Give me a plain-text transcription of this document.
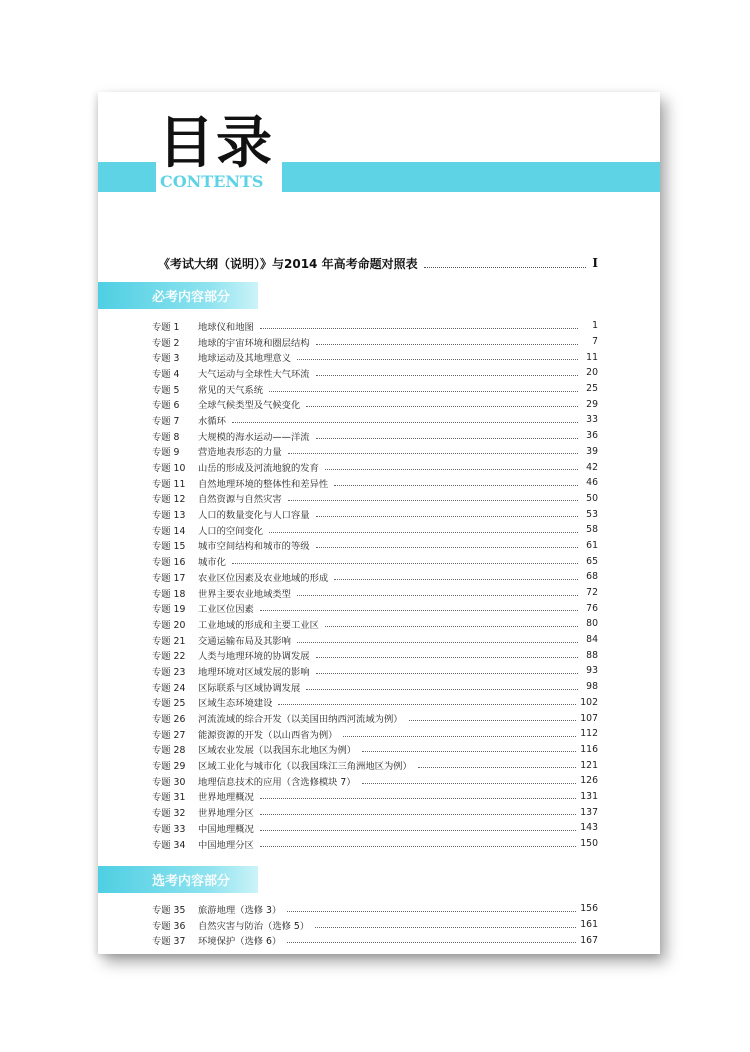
目录
CONTENTS
《考试大纲（说明）》与2014 年高考命题对照表	Ⅰ
必考内容部分
专题 1	地球仪和地图	1
专题 2	地球的宇宙环境和圈层结构	7
专题 3	地球运动及其地理意义	11
专题 4	大气运动与全球性大气环流	20
专题 5	常见的天气系统	25
专题 6	全球气候类型及气候变化	29
专题 7	水循环	33
专题 8	大规模的海水运动——洋流	36
专题 9	营造地表形态的力量	39
专题 10	山岳的形成及河流地貌的发育	42
专题 11	自然地理环境的整体性和差异性	46
专题 12	自然资源与自然灾害	50
专题 13	人口的数量变化与人口容量	53
专题 14	人口的空间变化	58
专题 15	城市空间结构和城市的等级	61
专题 16	城市化	65
专题 17	农业区位因素及农业地域的形成	68
专题 18	世界主要农业地域类型	72
专题 19	工业区位因素	76
专题 20	工业地域的形成和主要工业区	80
专题 21	交通运输布局及其影响	84
专题 22	人类与地理环境的协调发展	88
专题 23	地理环境对区域发展的影响	93
专题 24	区际联系与区域协调发展	98
专题 25	区域生态环境建设	102
专题 26	河流流域的综合开发（以美国田纳西河流域为例）	107
专题 27	能源资源的开发（以山西省为例）	112
专题 28	区域农业发展（以我国东北地区为例）	116
专题 29	区域工业化与城市化（以我国珠江三角洲地区为例）	121
专题 30	地理信息技术的应用（含选修模块 7）	126
专题 31	世界地理概况	131
专题 32	世界地理分区	137
专题 33	中国地理概况	143
专题 34	中国地理分区	150
选考内容部分
专题 35	旅游地理（选修 3）	156
专题 36	自然灾害与防治（选修 5）	161
专题 37	环境保护（选修 6）	167
